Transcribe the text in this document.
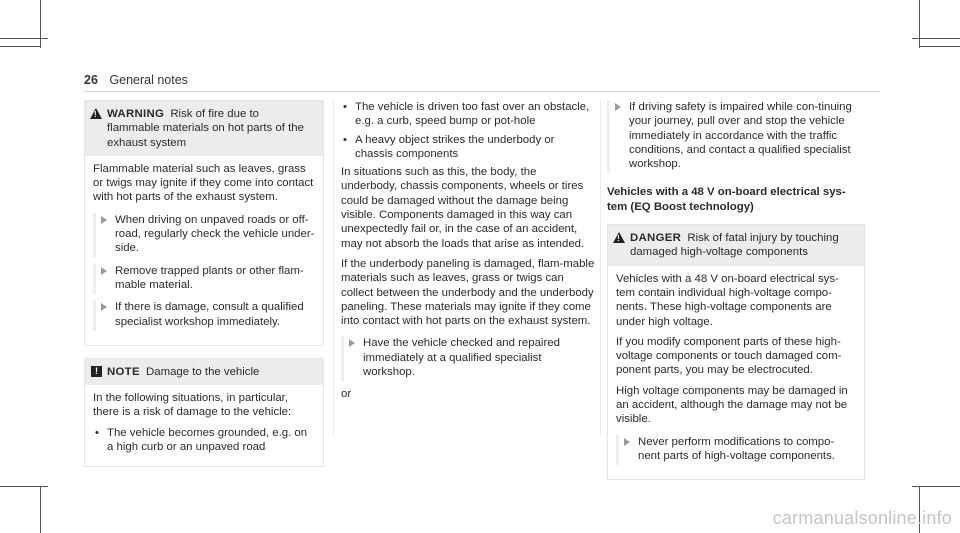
26 General notes
!
WARNING Risk of fire due to flammable materials on hot parts of the exhaust system

Flammable material such as leaves, grass or twigs may ignite if they come into contact with hot parts of the exhaust system.

When driving on unpaved roads or off-road, regularly check the vehicle under-side.
Remove trapped plants or other flam-mable material.
If there is damage, consult a qualified specialist workshop immediately.
! NOTE Damage to the vehicle

In the following situations, in particular, there is a risk of damage to the vehicle:

• The vehicle becomes grounded, e.g. on a high curb or an unpaved road
• The vehicle is driven too fast over an obstacle, e.g. a curb, speed bump or pot-hole
• A heavy object strikes the underbody or chassis components

In situations such as this, the body, the underbody, chassis components, wheels or tires could be damaged without the damage being visible. Components damaged in this way can unexpectedly fail or, in the case of an accident, may not absorb the loads that arise as intended.

If the underbody paneling is damaged, flam-mable materials such as leaves, grass or twigs can collect between the underbody and the underbody paneling. These materials may ignite if they come into contact with hot parts on the exhaust system.

Have the vehicle checked and repaired immediately at a qualified specialist workshop.

or

If driving safety is impaired while con-tinuing your journey, pull over and stop the vehicle immediately in accordance with the traffic conditions, and contact a qualified specialist workshop.

Vehicles with a 48 V on-board electrical sys-tem (EQ Boost technology)

!
DANGER Risk of fatal injury by touching damaged high-voltage components

Vehicles with a 48 V on-board electrical sys-tem contain individual high-voltage compo-nents. These high-voltage components are under high voltage.

If you modify component parts of these high-voltage components or touch damaged com-ponent parts, you may be electrocuted.

High voltage components may be damaged in an accident, although the damage may not be visible.

Never perform modifications to compo-nent parts of high-voltage components.
carmanualsonline.info
